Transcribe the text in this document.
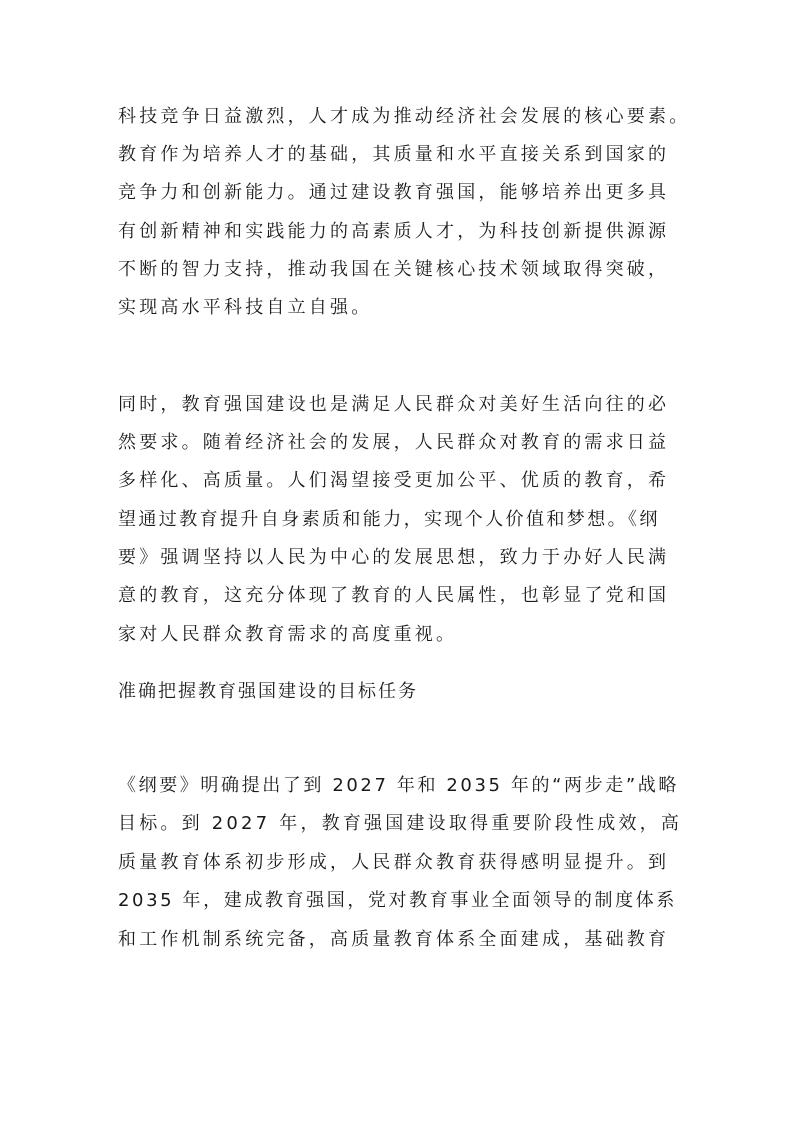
科技竞争日益激烈，人才成为推动经济社会发展的核心要素。
教育作为培养人才的基础，其质量和水平直接关系到国家的
竞争力和创新能力。通过建设教育强国，能够培养出更多具
有创新精神和实践能力的高素质人才，为科技创新提供源源
不断的智力支持，推动我国在关键核心技术领域取得突破，
实现高水平科技自立自强。
同时，教育强国建设也是满足人民群众对美好生活向往的必
然要求。随着经济社会的发展，人民群众对教育的需求日益
多样化、高质量。人们渴望接受更加公平、优质的教育，希
望通过教育提升自身素质和能力，实现个人价值和梦想。《纲
要》强调坚持以人民为中心的发展思想，致力于办好人民满
意的教育，这充分体现了教育的人民属性，也彰显了党和国
家对人民群众教育需求的高度重视。
准确把握教育强国建设的目标任务
《纲要》明确提出了到 2027 年和 2035 年的“两步走”战略
目标。到 2027 年，教育强国建设取得重要阶段性成效，高
质量教育体系初步形成，人民群众教育获得感明显提升。到
2035 年，建成教育强国，党对教育事业全面领导的制度体系
和工作机制系统完备，高质量教育体系全面建成，基础教育
